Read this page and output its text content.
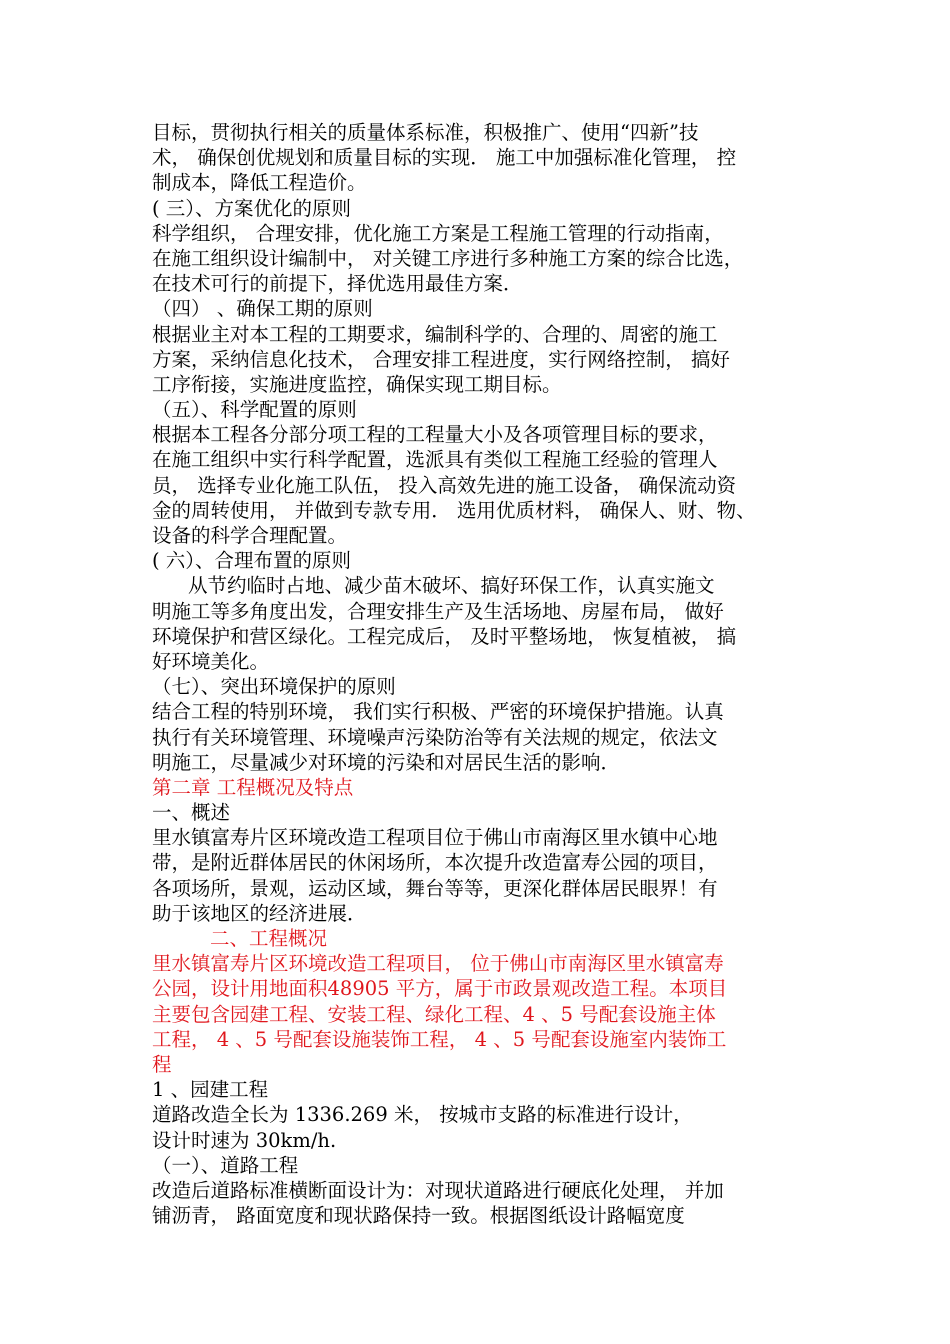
目标，贯彻执行相关的质量体系标准，积极推广、使用“四新”技
术， 确保创优规划和质量目标的实现． 施工中加强标准化管理， 控
制成本，降低工程造价。
( 三）、方案优化的原则
科学组织， 合理安排，优化施工方案是工程施工管理的行动指南，
在施工组织设计编制中， 对关键工序进行多种施工方案的综合比选，
在技术可行的前提下，择优选用最佳方案．
（四） 、确保工期的原则
根据业主对本工程的工期要求，编制科学的、合理的、周密的施工
方案，采纳信息化技术， 合理安排工程进度，实行网络控制， 搞好
工序衔接，实施进度监控，确保实现工期目标。
（五）、科学配置的原则
根据本工程各分部分项工程的工程量大小及各项管理目标的要求，
在施工组织中实行科学配置，选派具有类似工程施工经验的管理人
员， 选择专业化施工队伍， 投入高效先进的施工设备， 确保流动资
金的周转使用， 并做到专款专用． 选用优质材料， 确保人、财、物、
设备的科学合理配置。
( 六）、合理布置的原则
从节约临时占地、减少苗木破坏、搞好环保工作，认真实施文
明施工等多角度出发，合理安排生产及生活场地、房屋布局， 做好
环境保护和营区绿化。工程完成后， 及时平整场地， 恢复植被， 搞
好环境美化。
（七）、突出环境保护的原则
结合工程的特别环境， 我们实行积极、严密的环境保护措施。认真
执行有关环境管理、环境噪声污染防治等有关法规的规定，依法文
明施工，尽量减少对环境的污染和对居民生活的影响．
第二章 工程概况及特点
一、概述
里水镇富寿片区环境改造工程项目位于佛山市南海区里水镇中心地
带，是附近群体居民的休闲场所，本次提升改造富寿公园的项目，
各项场所，景观，运动区域，舞台等等，更深化群体居民眼界！有
助于该地区的经济进展．
二、工程概况
里水镇富寿片区环境改造工程项目， 位于佛山市南海区里水镇富寿
公园，设计用地面积48905 平方，属于市政景观改造工程。本项目
主要包含园建工程、安装工程、绿化工程、4 、5 号配套设施主体
工程， 4 、5 号配套设施装饰工程， 4 、5 号配套设施室内装饰工
程
1 、园建工程
道路改造全长为 1336.269 米， 按城市支路的标准进行设计，
设计时速为 30km/h.
（一）、道路工程
改造后道路标准横断面设计为：对现状道路进行硬底化处理， 并加
铺沥青， 路面宽度和现状路保持一致。根据图纸设计路幅宽度
